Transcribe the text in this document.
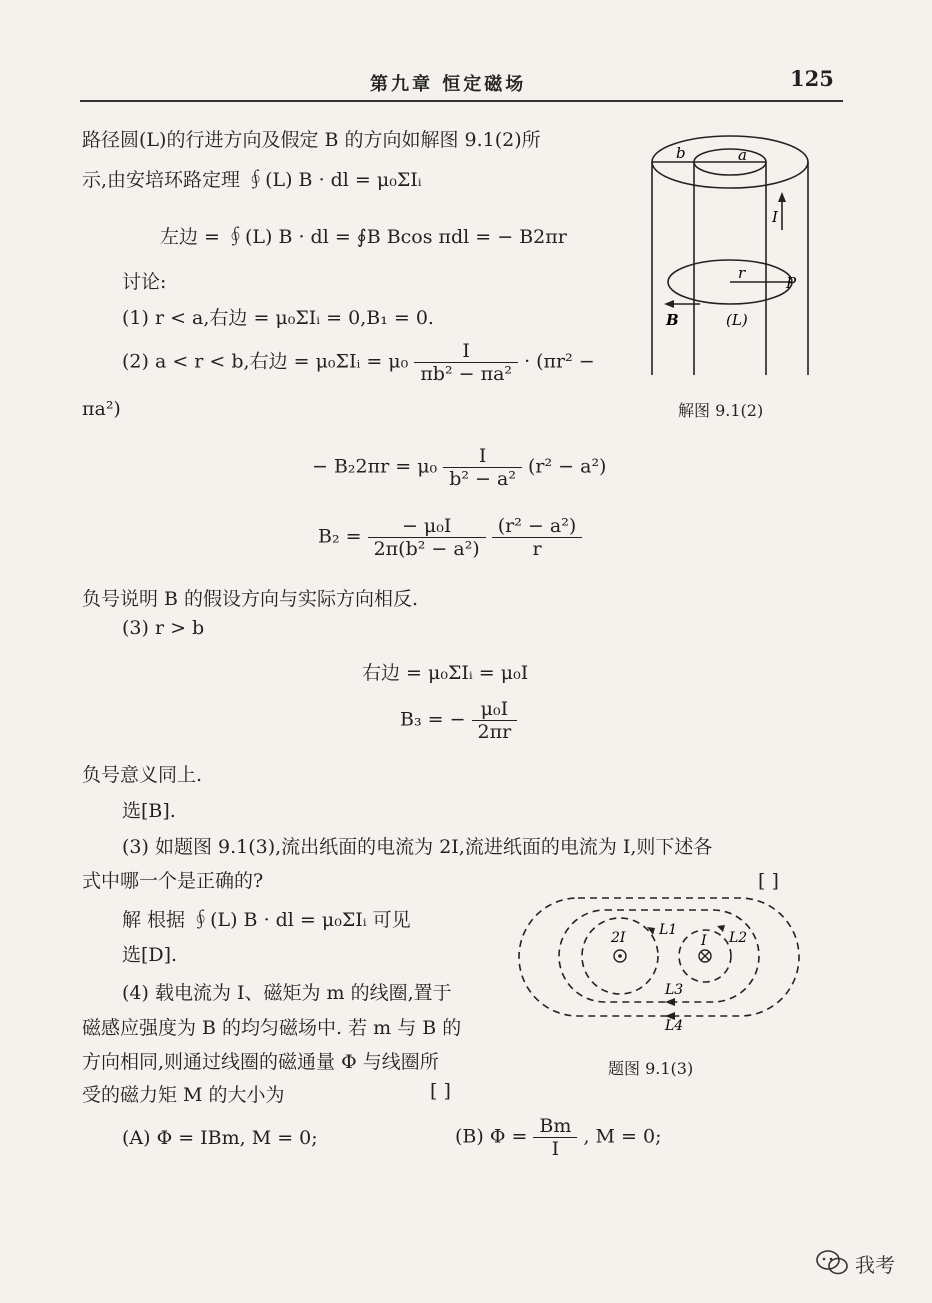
第九章 恒定磁场	125
路径圆(L)的行进方向及假定 B 的方向如解图 9.1(2)所
示,由安培环路定理 ∮(L) B · dl = μ₀ΣIᵢ
左边 = ∮(L) B · dl = ∮B Bcos πdl = − B2πr
讨论:
(1) r < a,右边 = μ₀ΣIᵢ = 0,B₁ = 0.
(2) a < r < b,右边 = μ₀ΣIᵢ = $\mu_0 \frac{I}{\text{πb² − πa²}} \cdot (\pi r^2$ −
πa²)
− $B_22\pi r = \mu_0 \frac{I}{\text{b² − a²}} (r^2 - a^2)$
$B_2 = \frac{\text{− μ₀I}}{\text{2π(b² − a²)}}$
$\frac{\text{(r² − a²)}}{r}$
负号说明 B 的假设方向与实际方向相反.
(3) r > b
右边 = μ₀ΣIᵢ = μ₀I
B₃ = − $\frac{\text{μ₀I}}{2\pi r}$
负号意义同上.
选[B].
(3) 如题图 9.1(3),流出纸面的电流为 2I,流进纸面的电流为 I,则下述各
式中哪一个是正确的?	[ ]
解 根据 ∮(L) B · dl = μ₀ΣIᵢ 可见
选[D].
(4) 载电流为 I、磁矩为 m 的线圈,置于
磁感应强度为 B 的均匀磁场中. 若 m 与 B 的
方向相同,则通过线圈的磁通量 Φ 与线圈所
受的磁力矩 M 的大小为	[ ]
(A) Φ = IBm, M = 0;	(B) $\Phi = \frac{Bm}{I}$ , M = 0;
b	a
I
r
P
B	(L)
解图 9.1(2)
2I	I
L1	L2
L3
L4
题图 9.1(3)
我考
